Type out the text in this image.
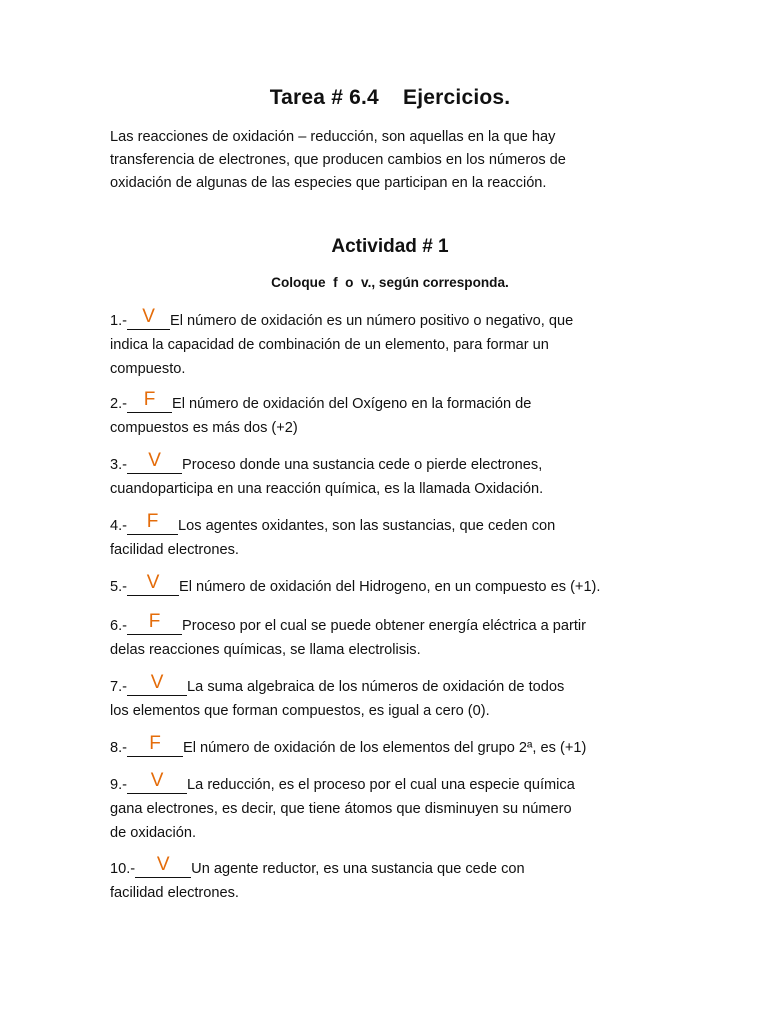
Tarea # 6.4    Ejercicios.
Las reacciones de oxidación – reducción, son aquellas en la que hay
transferencia de electrones, que producen cambios en los números de
oxidación de algunas de las especies que participan en la reacción.
Actividad # 1
Coloque  f  o  v., según corresponda.
1.- V El número de oxidación es un número positivo o negativo, que
indica la capacidad de combinación de un elemento, para formar un
compuesto.
2.- F El número de oxidación del Oxígeno en la formación de
compuestos es más dos (+2)
3.- V Proceso donde una sustancia cede o pierde electrones,
cuandoparticipa en una reacción química, es la llamada Oxidación.
4.- F Los agentes oxidantes, son las sustancias, que ceden con
facilidad electrones.
5.- V El número de oxidación del Hidrogeno, en un compuesto es (+1).
6.- F Proceso por el cual se puede obtener energía eléctrica a partir
delas reacciones químicas, se llama electrolisis.
7.- V La suma algebraica de los números de oxidación de todos
los elementos que forman compuestos, es igual a cero (0).
8.- F El número de oxidación de los elementos del grupo 2ª, es (+1)
9.- V La reducción, es el proceso por el cual una especie química
gana electrones, es decir, que tiene átomos que disminuyen su número
de oxidación.
10.- V Un agente reductor, es una sustancia que cede con
facilidad electrones.
